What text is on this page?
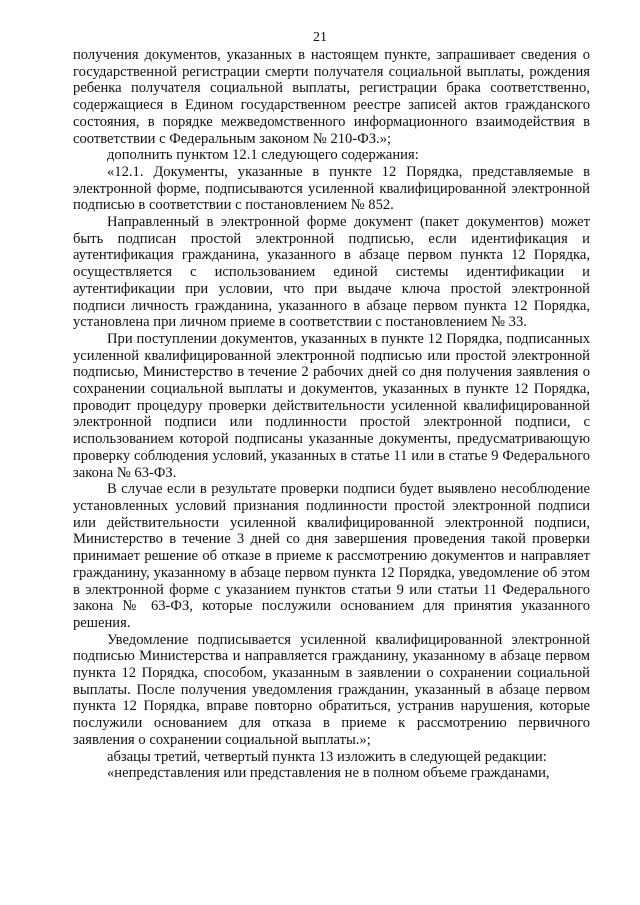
21

получения документов, указанных в настоящем пункте, запрашивает сведения о государственной регистрации смерти получателя социальной выплаты, рождения ребенка получателя социальной выплаты, регистрации брака соответственно, содержащиеся в Едином государственном реестре записей актов гражданского состояния, в порядке межведомственного информационного взаимодействия в соответствии с Федеральным законом № 210-ФЗ.»;

дополнить пунктом 12.1 следующего содержания:

«12.1. Документы, указанные в пункте 12 Порядка, представляемые в электронной форме, подписываются усиленной квалифицированной электронной подписью в соответствии с постановлением № 852.

Направленный в электронной форме документ (пакет документов) может быть подписан простой электронной подписью, если идентификация и аутентификация гражданина, указанного в абзаце первом пункта 12 Порядка, осуществляется с использованием единой системы идентификации и аутентификации при условии, что при выдаче ключа простой электронной подписи личность гражданина, указанного в абзаце первом пункта 12 Порядка, установлена при личном приеме в соответствии с постановлением № 33.

При поступлении документов, указанных в пункте 12 Порядка, подписанных усиленной квалифицированной электронной подписью или простой электронной подписью, Министерство в течение 2 рабочих дней со дня получения заявления о сохранении социальной выплаты и документов, указанных в пункте 12 Порядка, проводит процедуру проверки действительности усиленной квалифицированной электронной подписи или подлинности простой электронной подписи, с использованием которой подписаны указанные документы, предусматривающую проверку соблюдения условий, указанных в статье 11 или в статье 9 Федерального закона № 63-ФЗ.

В случае если в результате проверки подписи будет выявлено несоблюдение установленных условий признания подлинности простой электронной подписи или действительности усиленной квалифицированной электронной подписи, Министерство в течение 3 дней со дня завершения проведения такой проверки принимает решение об отказе в приеме к рассмотрению документов и направляет гражданину, указанному в абзаце первом пункта 12 Порядка, уведомление об этом в электронной форме с указанием пунктов статьи 9 или статьи 11 Федерального закона № 63-ФЗ, которые послужили основанием для принятия указанного решения.

Уведомление подписывается усиленной квалифицированной электронной подписью Министерства и направляется гражданину, указанному в абзаце первом пункта 12 Порядка, способом, указанным в заявлении о сохранении социальной выплаты. После получения уведомления гражданин, указанный в абзаце первом пункта 12 Порядка, вправе повторно обратиться, устранив нарушения, которые послужили основанием для отказа в приеме к рассмотрению первичного заявления о сохранении социальной выплаты.»;

абзацы третий, четвертый пункта 13 изложить в следующей редакции:

«непредставления или представления не в полном объеме гражданами,
